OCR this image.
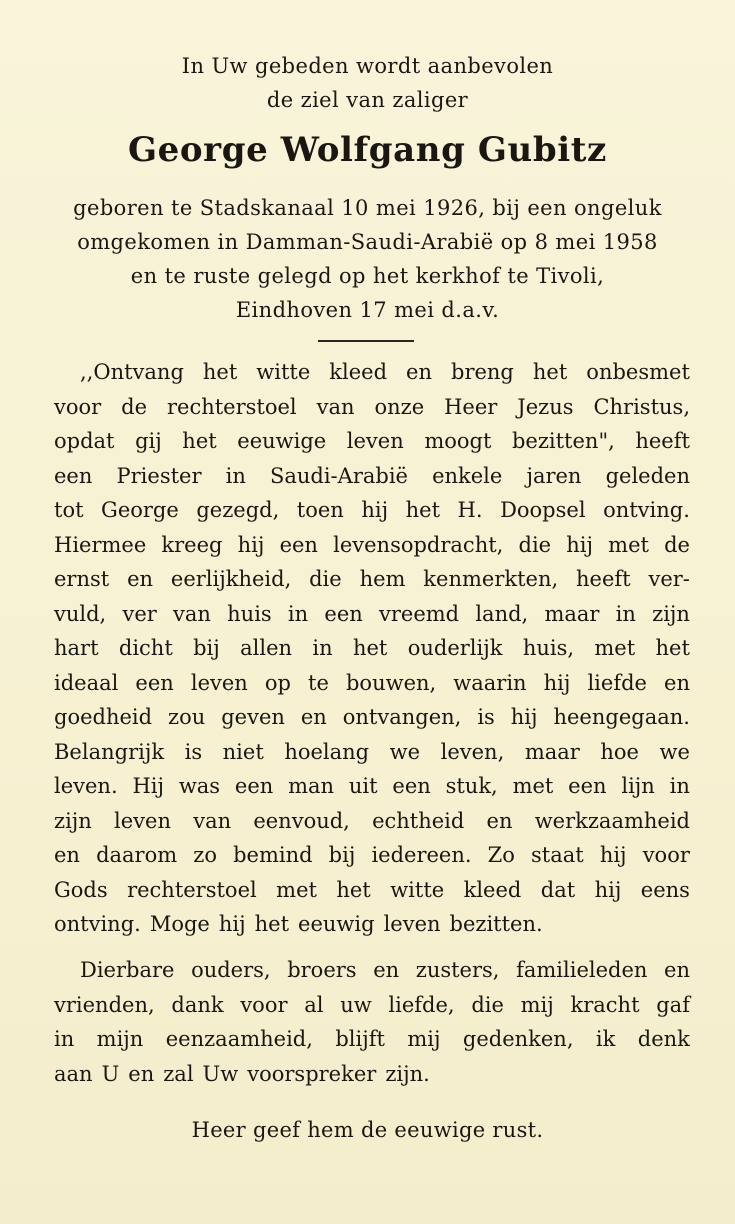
In Uw gebeden wordt aanbevolen
de ziel van zaliger
George Wolfgang Gubitz
geboren te Stadskanaal 10 mei 1926, bij een ongeluk
omgekomen in Damman-Saudi-Arabië op 8 mei 1958
en te ruste gelegd op het kerkhof te Tivoli,
Eindhoven 17 mei d.a.v.
,,Ontvang het witte kleed en breng het onbesmet
voor de rechterstoel van onze Heer Jezus Christus,
opdat gij het eeuwige leven moogt bezitten", heeft
een Priester in Saudi-Arabië enkele jaren geleden
tot George gezegd, toen hij het H. Doopsel ontving.
Hiermee kreeg hij een levensopdracht, die hij met de
ernst en eerlijkheid, die hem kenmerkten, heeft ver-
vuld, ver van huis in een vreemd land, maar in zijn
hart dicht bij allen in het ouderlijk huis, met het
ideaal een leven op te bouwen, waarin hij liefde en
goedheid zou geven en ontvangen, is hij heengegaan.
Belangrijk is niet hoelang we leven, maar hoe we
leven. Hij was een man uit een stuk, met een lijn in
zijn leven van eenvoud, echtheid en werkzaamheid
en daarom zo bemind bij iedereen. Zo staat hij voor
Gods rechterstoel met het witte kleed dat hij eens
ontving. Moge hij het eeuwig leven bezitten.
Dierbare ouders, broers en zusters, familieleden en
vrienden, dank voor al uw liefde, die mij kracht gaf
in mijn eenzaamheid, blijft mij gedenken, ik denk
aan U en zal Uw voorspreker zijn.
Heer geef hem de eeuwige rust.
